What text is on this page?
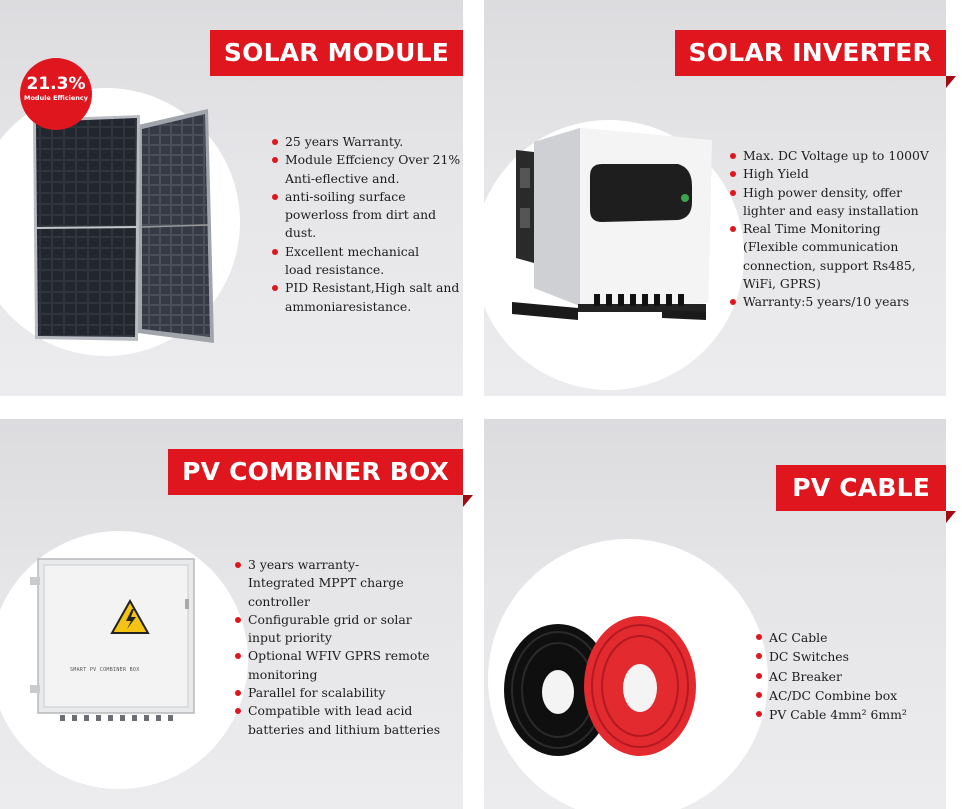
21.3%
Module Efficiency
SOLAR MODULE
25 years Warranty.
Module Effciency Over 21%
Anti-eflective and.
anti-soiling surface
powerloss from dirt and dust.
Excellent mechanical
load resistance.
PID Resistant,High salt and
ammoniaresistance.
SOLAR INVERTER
Max. DC Voltage up to 1000V
High Yield
High power density, offer
lighter and easy installation
Real Time Monitoring
(Flexible communication
connection, support Rs485,
WiFi, GPRS)
Warranty:5 years/10 years
SMART PV COMBINER BOX
PV COMBINER BOX
3 years warranty-
Integrated MPPT charge controller
Configurable grid or solar
input priority
Optional WFIV GPRS remote
monitoring
Parallel for scalability
Compatible with lead acid
batteries and lithium batteries
PV CABLE
AC Cable
DC Switches
AC Breaker
AC/DC Combine box
PV Cable 4mm² 6mm²
